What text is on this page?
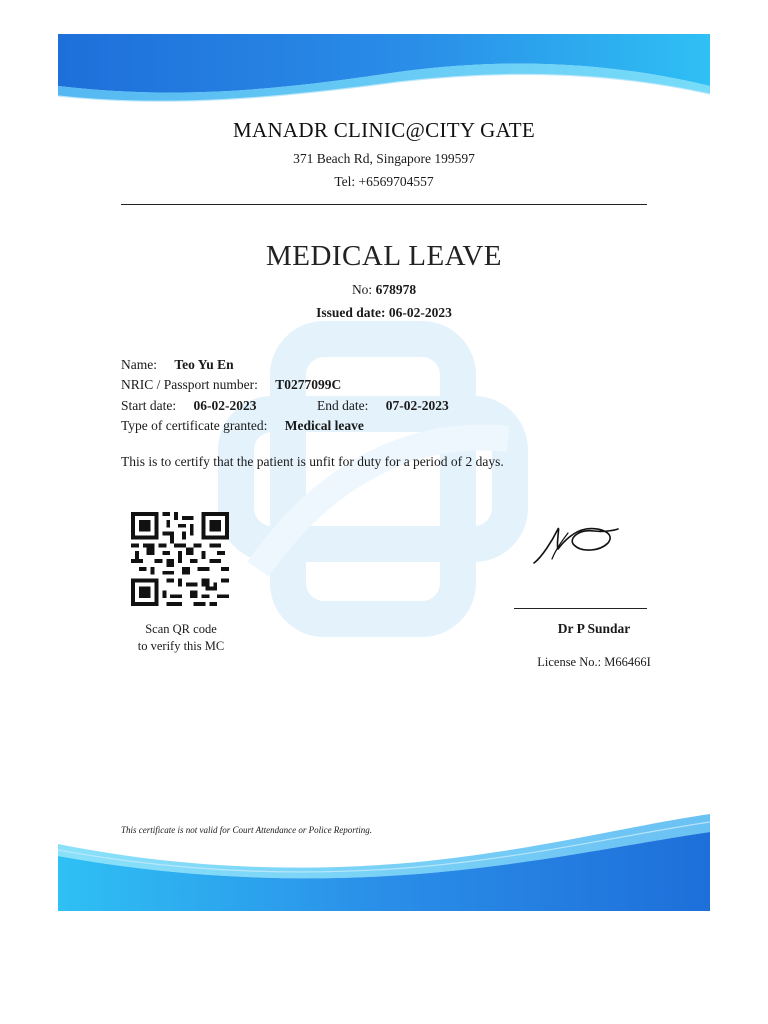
MANADR CLINIC@CITY GATE
371 Beach Rd, Singapore 199597
Tel: +6569704557
MEDICAL LEAVE
No: 678978
Issued date: 06-02-2023
Name: Teo Yu En
NRIC / Passport number: T0277099C
Start date: 06-02-2023	End date: 07-02-2023
Type of certificate granted: Medical leave
This is to certify that the patient is unfit for duty for a period of 2 days.
Scan QR code
to verify this MC
Dr P Sundar
License No.: M66466I
This certificate is not valid for Court Attendance or Police Reporting.
